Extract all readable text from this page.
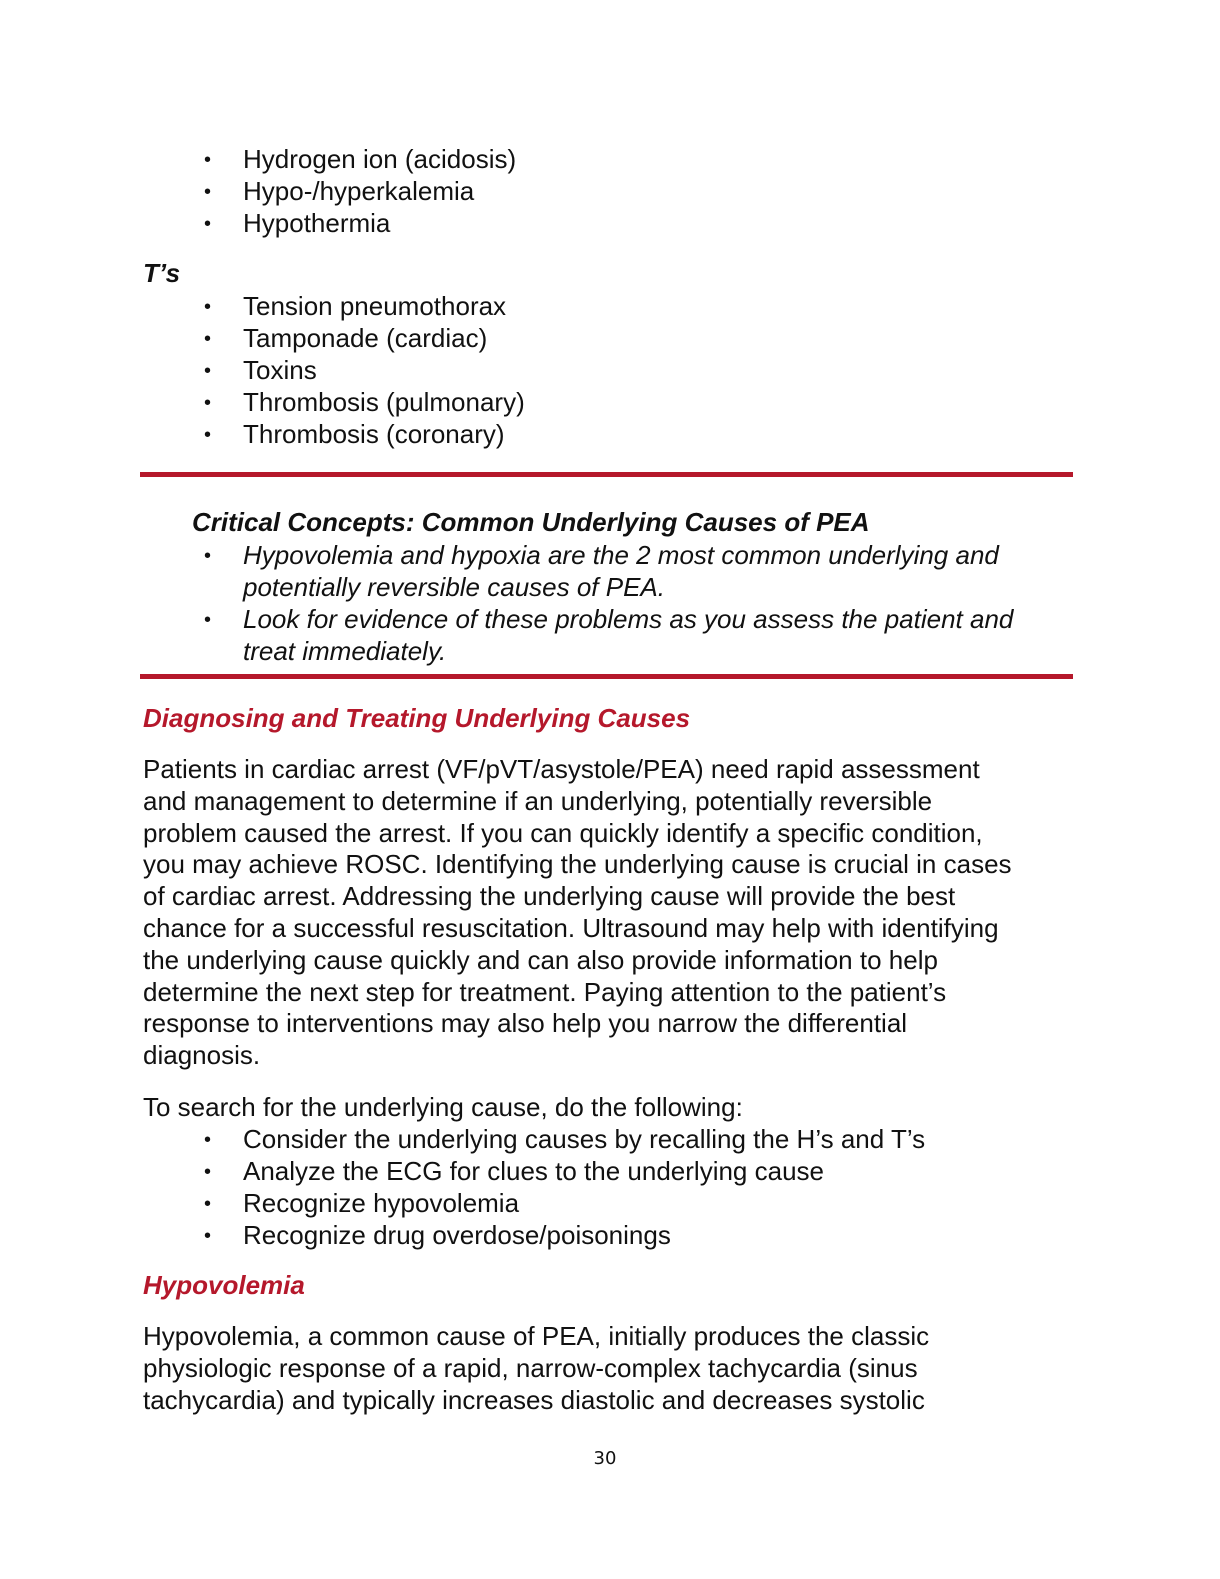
• Hydrogen ion (acidosis)
• Hypo-/hyperkalemia
• Hypothermia
T’s
• Tension pneumothorax
• Tamponade (cardiac)
• Toxins
• Thrombosis (pulmonary)
• Thrombosis (coronary)
Critical Concepts: Common Underlying Causes of PEA
• Hypovolemia and hypoxia are the 2 most common underlying and
potentially reversible causes of PEA.
• Look for evidence of these problems as you assess the patient and
treat immediately.
Diagnosing and Treating Underlying Causes
Patients in cardiac arrest (VF/pVT/asystole/PEA) need rapid assessment
and management to determine if an underlying, potentially reversible
problem caused the arrest. If you can quickly identify a specific condition,
you may achieve ROSC. Identifying the underlying cause is crucial in cases
of cardiac arrest. Addressing the underlying cause will provide the best
chance for a successful resuscitation. Ultrasound may help with identifying
the underlying cause quickly and can also provide information to help
determine the next step for treatment. Paying attention to the patient’s
response to interventions may also help you narrow the differential
diagnosis.
To search for the underlying cause, do the following:
• Consider the underlying causes by recalling the H’s and T’s
• Analyze the ECG for clues to the underlying cause
• Recognize hypovolemia
• Recognize drug overdose/poisonings
Hypovolemia
Hypovolemia, a common cause of PEA, initially produces the classic
physiologic response of a rapid, narrow-complex tachycardia (sinus
tachycardia) and typically increases diastolic and decreases systolic
30
